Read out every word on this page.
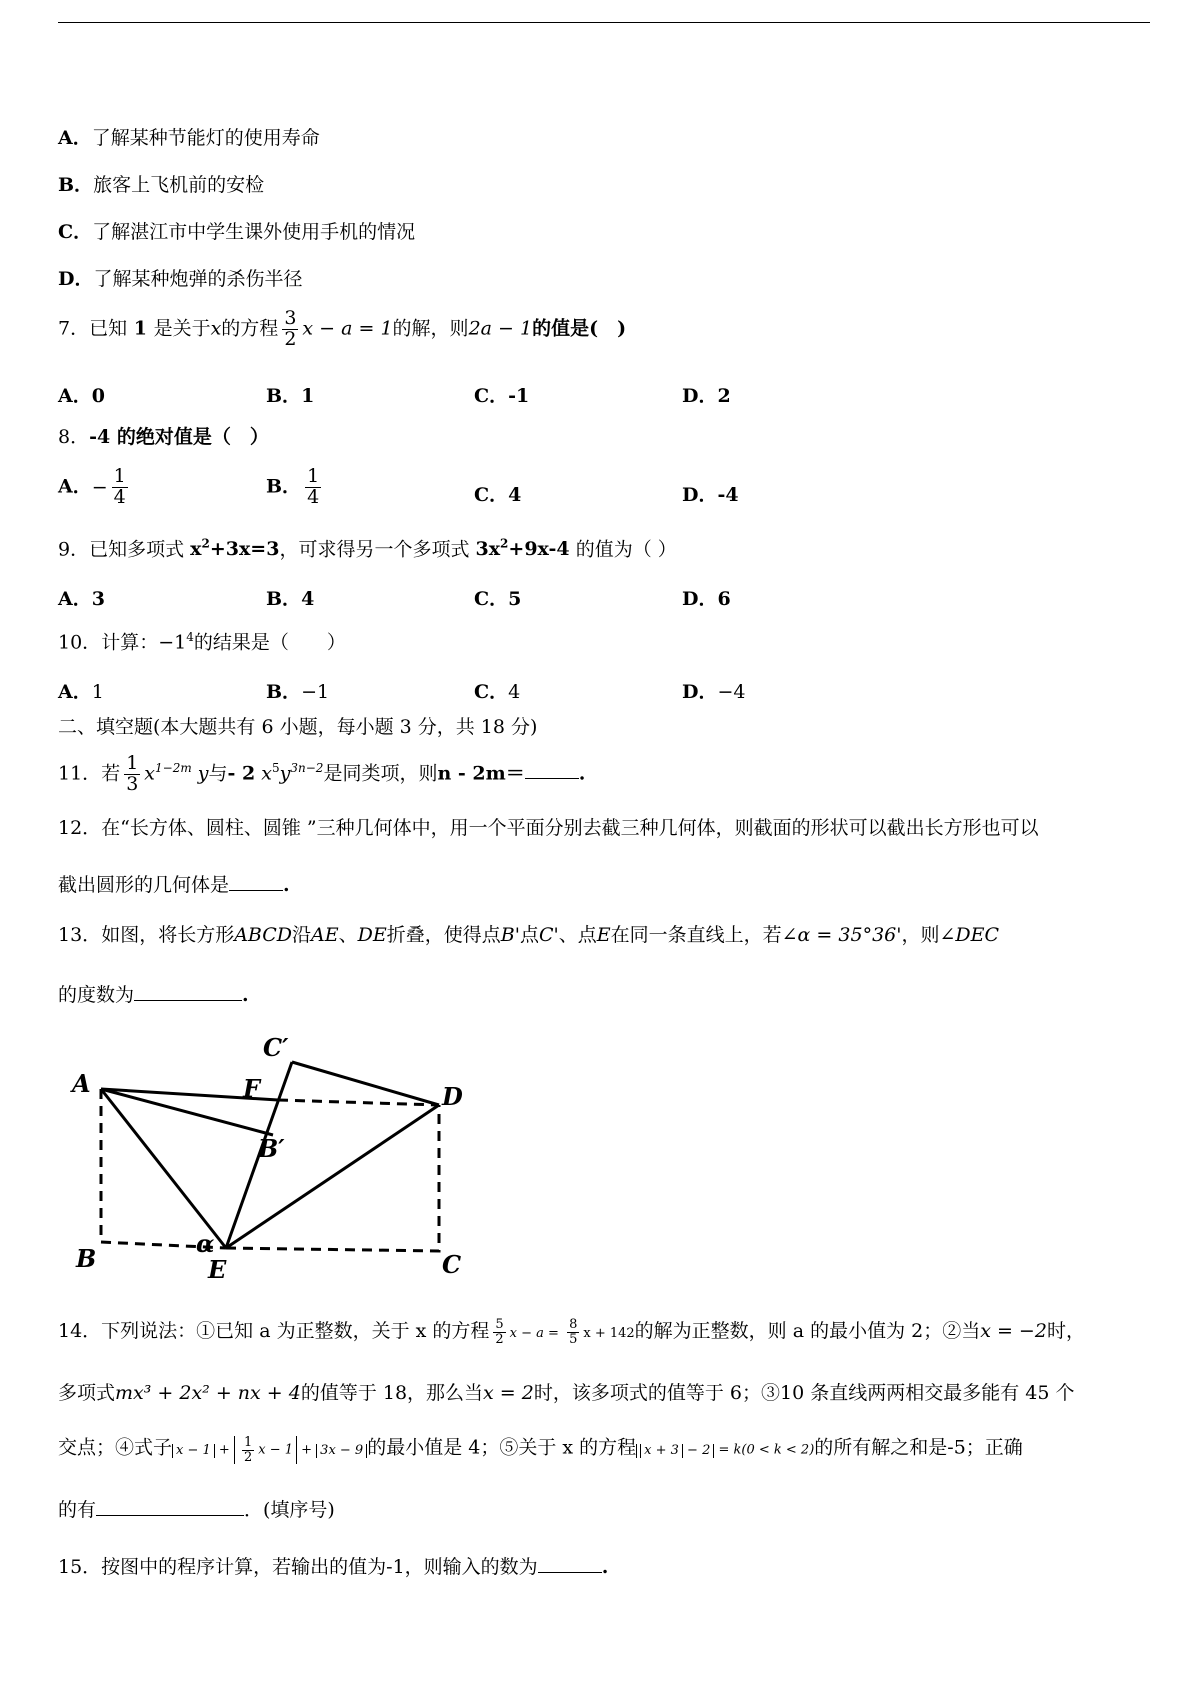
A．了解某种节能灯的使用寿命
B．旅客上飞机前的安检
C．了解湛江市中学生课外使用手机的情况
D．了解某种炮弹的杀伤半径
7．已知 1 是关于x的方程 $\frac{3}{2}$ x − a = 1的解，则2a − 1的值是(　)
A．0	B．1	C．-1	D．2
8．-4 的绝对值是（　）
A．− $\frac{1}{4}$	B． $\frac{1}{4}$	C．4	D．-4
9．已知多项式 $x^2+3x=3$，可求得另一个多项式 $3x^2+9x-4$ 的值为（ ）
A．3	B．4	C．5	D．6
10．计算：$-1^4$的结果是（　　）
A．1	B．−1	C．4	D．−4
二、填空题(本大题共有 6 小题，每小题 3 分，共 18 分)
11．若 $\frac{1}{3} x^{1-2m}$ y与- 2 $x^5y^{3n-2}$是同类项，则n - 2m＝	.
12．在“长方体、圆柱、圆锥 ”三种几何体中，用一个平面分别去截三种几何体，则截面的形状可以截出长方形也可以
截出圆形的几何体是	.
13．如图，将长方形ABCD沿AE、DE折叠，使得点B'点C'、点E在同一条直线上，若∠α = 35°36'，则∠DEC
的度数为	.
A
B	C
D
E
F
B′
C′
α
14．下列说法：①已知 a 为正整数，关于 x 的方程 $\frac{5}{2}$ $x - a = \frac{8}{5}$ x + 142的解为正整数，则 a 的最小值为 2；②当x = −2时，
多项式mx³ + 2x² + nx + 4的值等于 18，那么当x = 2时，该多项式的值等于 6；③10 条直线两两相交最多能有 45 个
交点；④式子 $x - 1 + \frac{1}{2}$ x − 1 + 3x − 9 的最小值是 4；⑤关于 x 的方程 x + 3 − 2 = k(0 < k < 2)的所有解之和是-5；正确
的有	．(填序号)
15．按图中的程序计算，若输出的值为-1，则输入的数为	.
